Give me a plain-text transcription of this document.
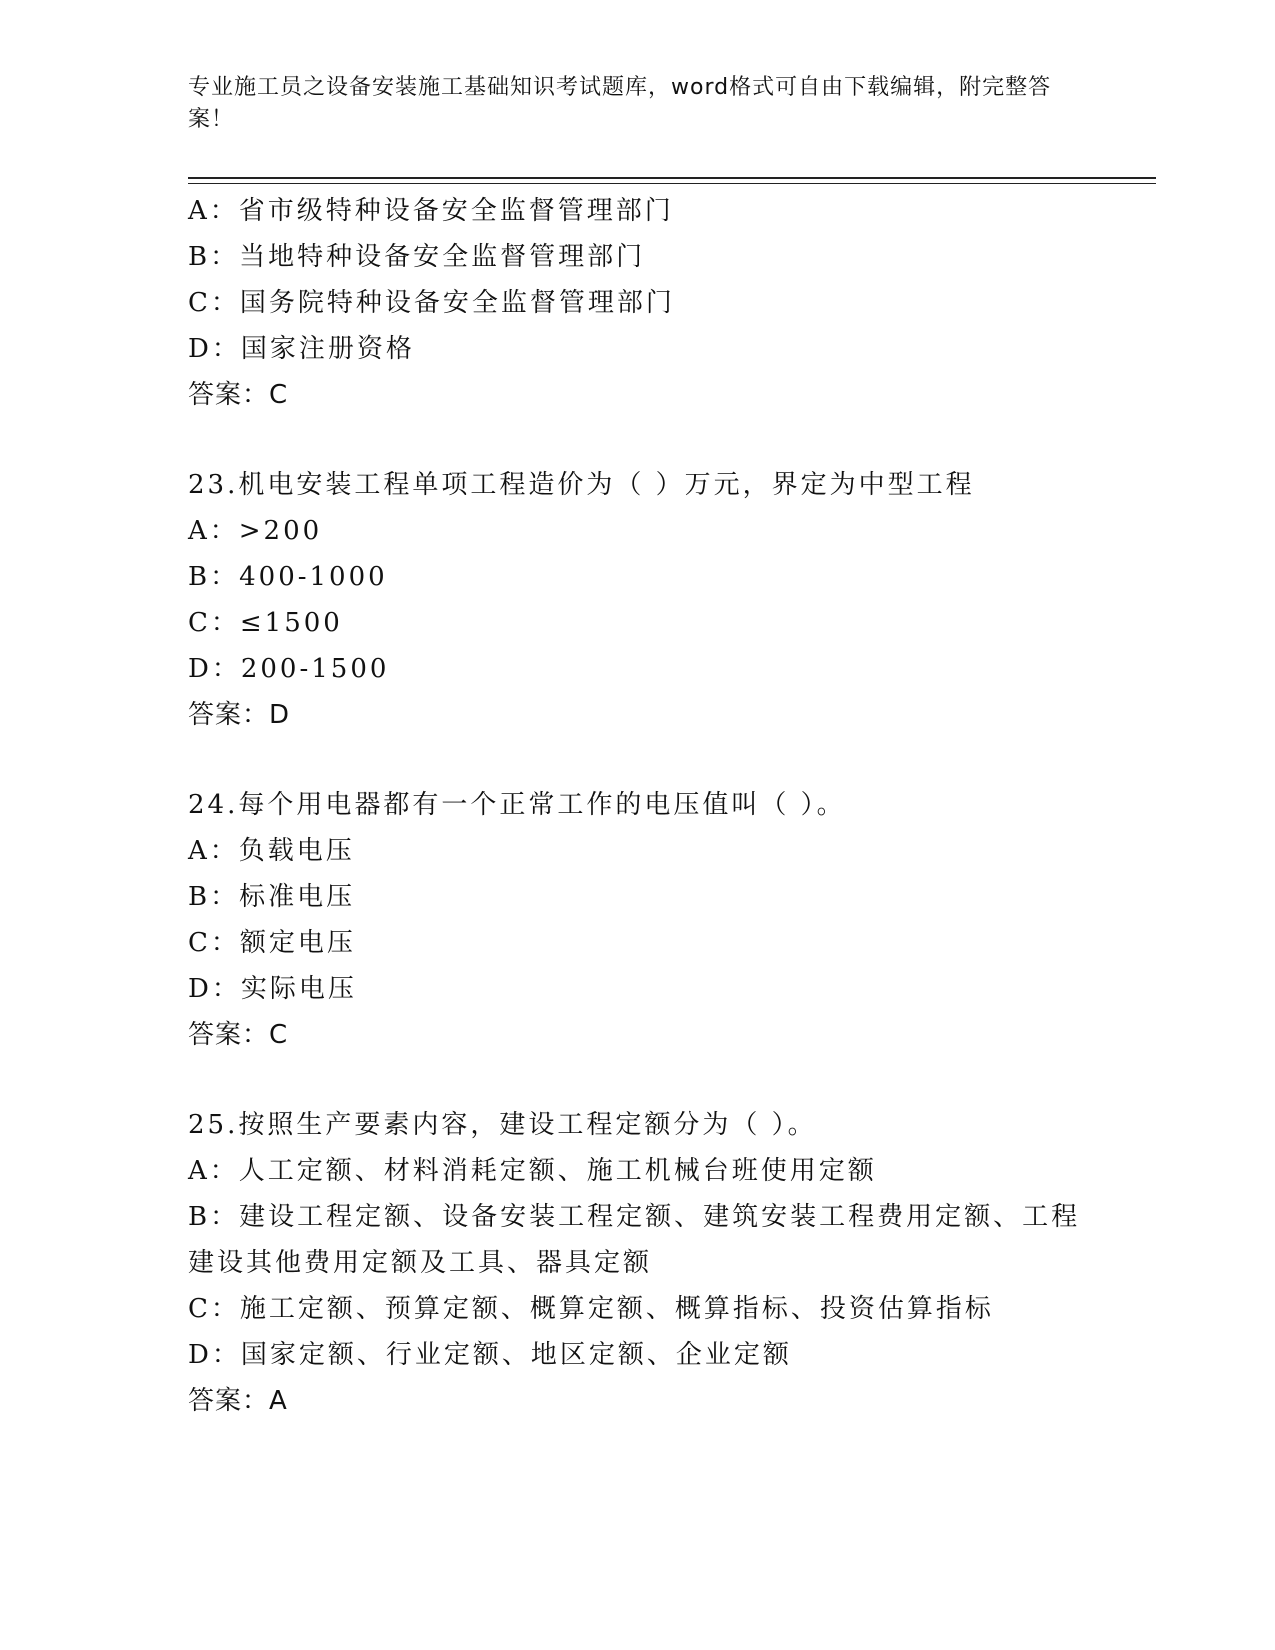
专业施工员之设备安装施工基础知识考试题库，word格式可自由下载编辑，附完整答案！
A：省市级特种设备安全监督管理部门
B：当地特种设备安全监督管理部门
C：国务院特种设备安全监督管理部门
D：国家注册资格
答案：C
23.机电安装工程单项工程造价为（ ）万元，界定为中型工程
A：>200
B：400-1000
C：≤1500
D：200-1500
答案：D
24.每个用电器都有一个正常工作的电压值叫（ ）。
A：负载电压
B：标准电压
C：额定电压
D：实际电压
答案：C
25.按照生产要素内容，建设工程定额分为（ ）。
A：人工定额、材料消耗定额、施工机械台班使用定额
B：建设工程定额、设备安装工程定额、建筑安装工程费用定额、工程建设其他费用定额及工具、器具定额
C：施工定额、预算定额、概算定额、概算指标、投资估算指标
D：国家定额、行业定额、地区定额、企业定额
答案：A
